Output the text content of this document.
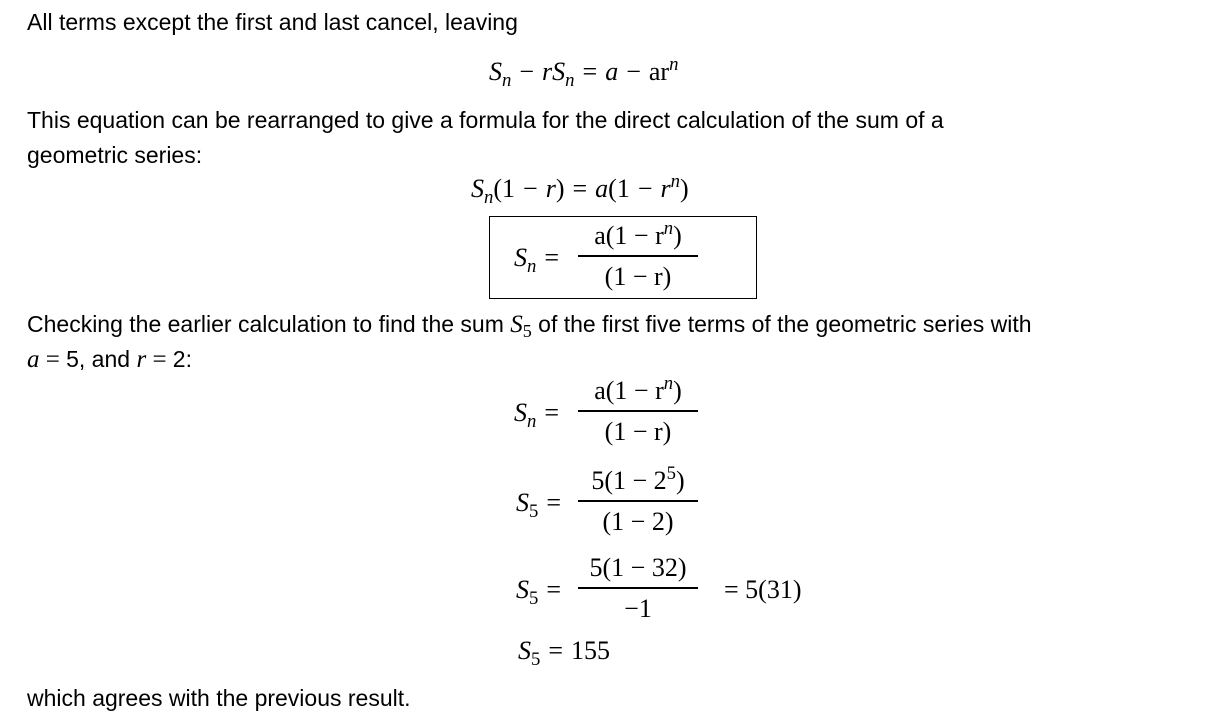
All terms except the first and last cancel, leaving
$S_n - rS_n = a - ar^n$
This equation can be rearranged to give a formula for the direct calculation of the sum of a
geometric series:
$S_n(1 - r) = a(1 - r^n)$
$S_n$ =
$a(1 - r^n)$
(1 − r)
Checking the earlier calculation to find the sum $S_5$ of the first five terms of the geometric series with
a = 5, and r = 2:
$S_n$ =
$a(1 - r^n)$
(1 − r)
$S_5$ =
$5(1 - 2^5)$
(1 − 2)
$S_5$ =
5(1 − 32)
−1
= 5(31)
$S_5 = 155$
which agrees with the previous result.
